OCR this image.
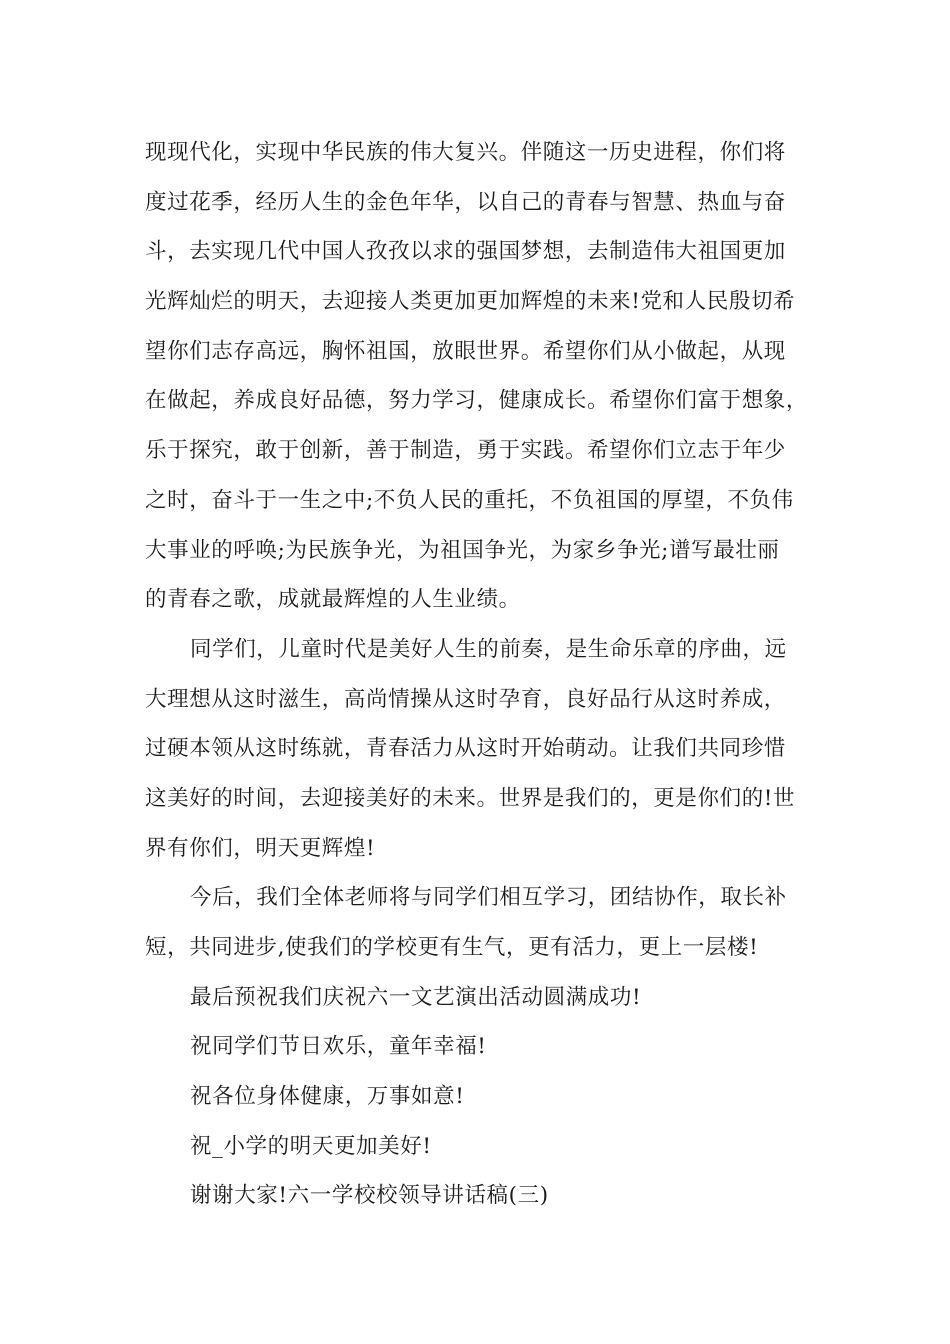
现现代化，实现中华民族的伟大复兴。伴随这一历史进程，你们将
度过花季，经历人生的金色年华，以自己的青春与智慧、热血与奋
斗，去实现几代中国人孜孜以求的强国梦想，去制造伟大祖国更加
光辉灿烂的明天，去迎接人类更加更加辉煌的未来!党和人民殷切希
望你们志存高远，胸怀祖国，放眼世界。希望你们从小做起，从现
在做起，养成良好品德，努力学习，健康成长。希望你们富于想象，
乐于探究，敢于创新，善于制造，勇于实践。希望你们立志于年少
之时，奋斗于一生之中;不负人民的重托，不负祖国的厚望，不负伟
大事业的呼唤;为民族争光，为祖国争光，为家乡争光;谱写最壮丽
的青春之歌，成就最辉煌的人生业绩。
同学们，儿童时代是美好人生的前奏，是生命乐章的序曲，远
大理想从这时滋生，高尚情操从这时孕育，良好品行从这时养成，
过硬本领从这时练就，青春活力从这时开始萌动。让我们共同珍惜
这美好的时间，去迎接美好的未来。世界是我们的，更是你们的!世
界有你们，明天更辉煌!
今后，我们全体老师将与同学们相互学习，团结协作，取长补
短，共同进步,使我们的学校更有生气，更有活力，更上一层楼!
最后预祝我们庆祝六一文艺演出活动圆满成功!
祝同学们节日欢乐，童年幸福!
祝各位身体健康，万事如意!
祝_小学的明天更加美好!
谢谢大家!六一学校校领导讲话稿(三)
